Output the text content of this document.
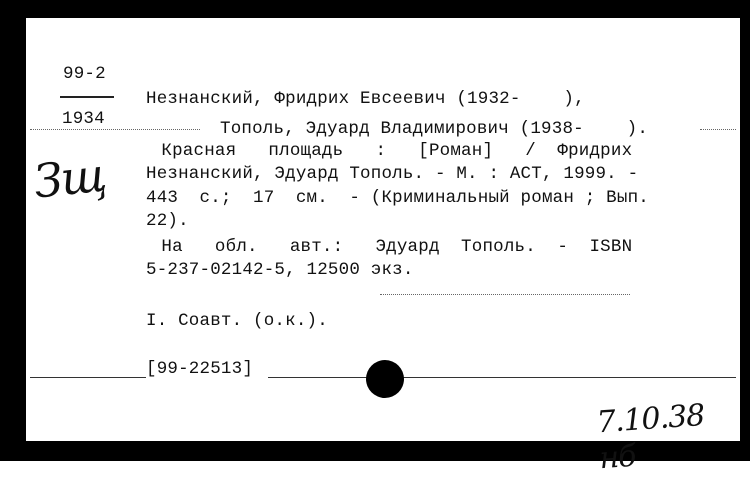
99-2
1934
Зщ
Незнанский, Фридрих Евсеевич (1932-    ),
Тополь, Эдуард Владимирович (1938-    ).
Красная   площадь   :   [Роман]   /  Фридрих
Незнанский, Эдуард Тополь. - М. : АСТ, 1999. -
443  с.;  17  см.  - (Криминальный роман ; Вып.
22).
На   обл.   авт.:   Эдуард  Тополь.  -  ISBN
5-237-02142-5, 12500 экз.
I. Соавт. (о.к.).
[99-22513]
7.10.38 нб
